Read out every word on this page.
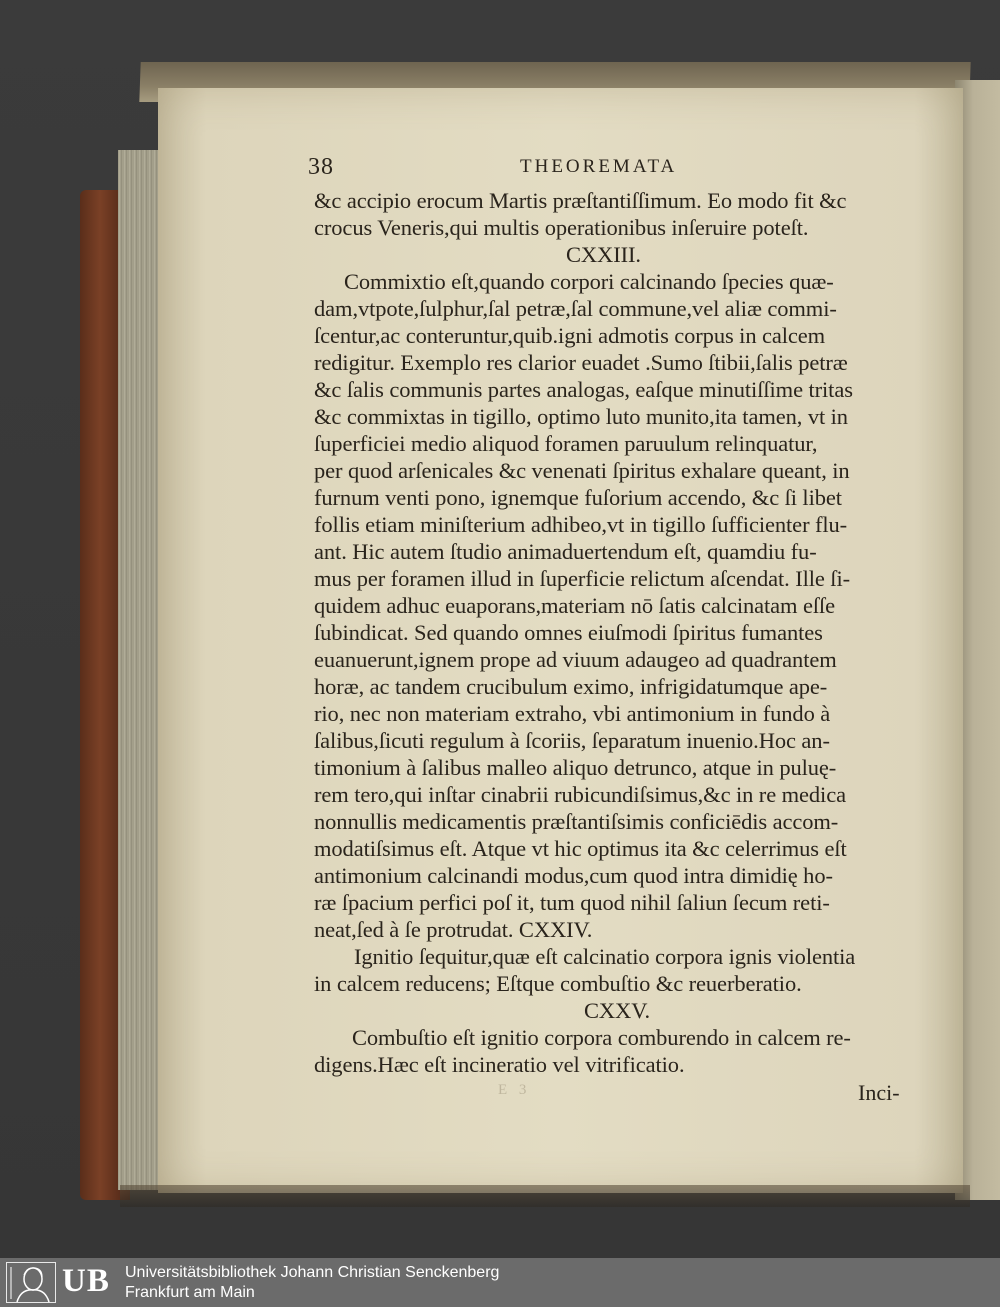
38	THEOREMATA
&c accipio erocum Martis præſtantiſſimum. Eo modo fit &c
crocus Veneris,qui multis operationibus inſeruire poteſt.
CXXIII.
Commixtio eſt,quando corpori calcinando ſpecies quæ-
dam,vtpote,ſulphur,ſal petræ,ſal commune,vel aliæ commi-
ſcentur,ac conteruntur,quib.igni admotis corpus in calcem
redigitur. Exemplo res clarior euadet .Sumo ſtibii,ſalis petræ
&c ſalis communis partes analogas, eaſque minutiſſime tritas
&c commixtas in tigillo, optimo luto munito,ita tamen, vt in
ſuperficiei medio aliquod foramen paruulum relinquatur,
per quod arſenicales &c venenati ſpiritus exhalare queant, in
furnum venti pono, ignemque fuſorium accendo, &c ſi libet
follis etiam miniſterium adhibeo,vt in tigillo ſufficienter flu-
ant. Hic autem ſtudio animaduertendum eſt, quamdiu fu-
mus per foramen illud in ſuperficie relictum aſcendat. Ille ſi-
quidem adhuc euaporans,materiam nō ſatis calcinatam eſſe
ſubindicat. Sed quando omnes eiuſmodi ſpiritus fumantes
euanuerunt,ignem prope ad viuum adaugeo ad quadrantem
horæ, ac tandem crucibulum eximo, infrigidatumque ape-
rio, nec non materiam extraho, vbi antimonium in fundo à
ſalibus,ſicuti regulum à ſcoriis, ſeparatum inuenio.Hoc an-
timonium à ſalibus malleo aliquo detrunco, atque in puluę-
rem tero,qui inſtar cinabrii rubicundiſsimus,&c in re medica
nonnullis medicamentis præſtantiſsimis conficiēdis accom-
modatiſsimus eſt. Atque vt hic optimus ita &c celerrimus eſt
antimonium calcinandi modus,cum quod intra dimidię ho-
ræ ſpacium perfici poſ it, tum quod nihil ſaliun ſecum reti-
neat,ſed à ſe protrudat. CXXIV.
Ignitio ſequitur,quæ eſt calcinatio corpora ignis violentia
in calcem reducens; Eſtque combuſtio &c reuerberatio.
CXXV.
Combuſtio eſt ignitio corpora comburendo in calcem re-
digens.Hæc eſt incineratio vel vitrificatio.
E 3	Inci-
UB Universitätsbibliothek Johann Christian Senckenberg
Frankfurt am Main
